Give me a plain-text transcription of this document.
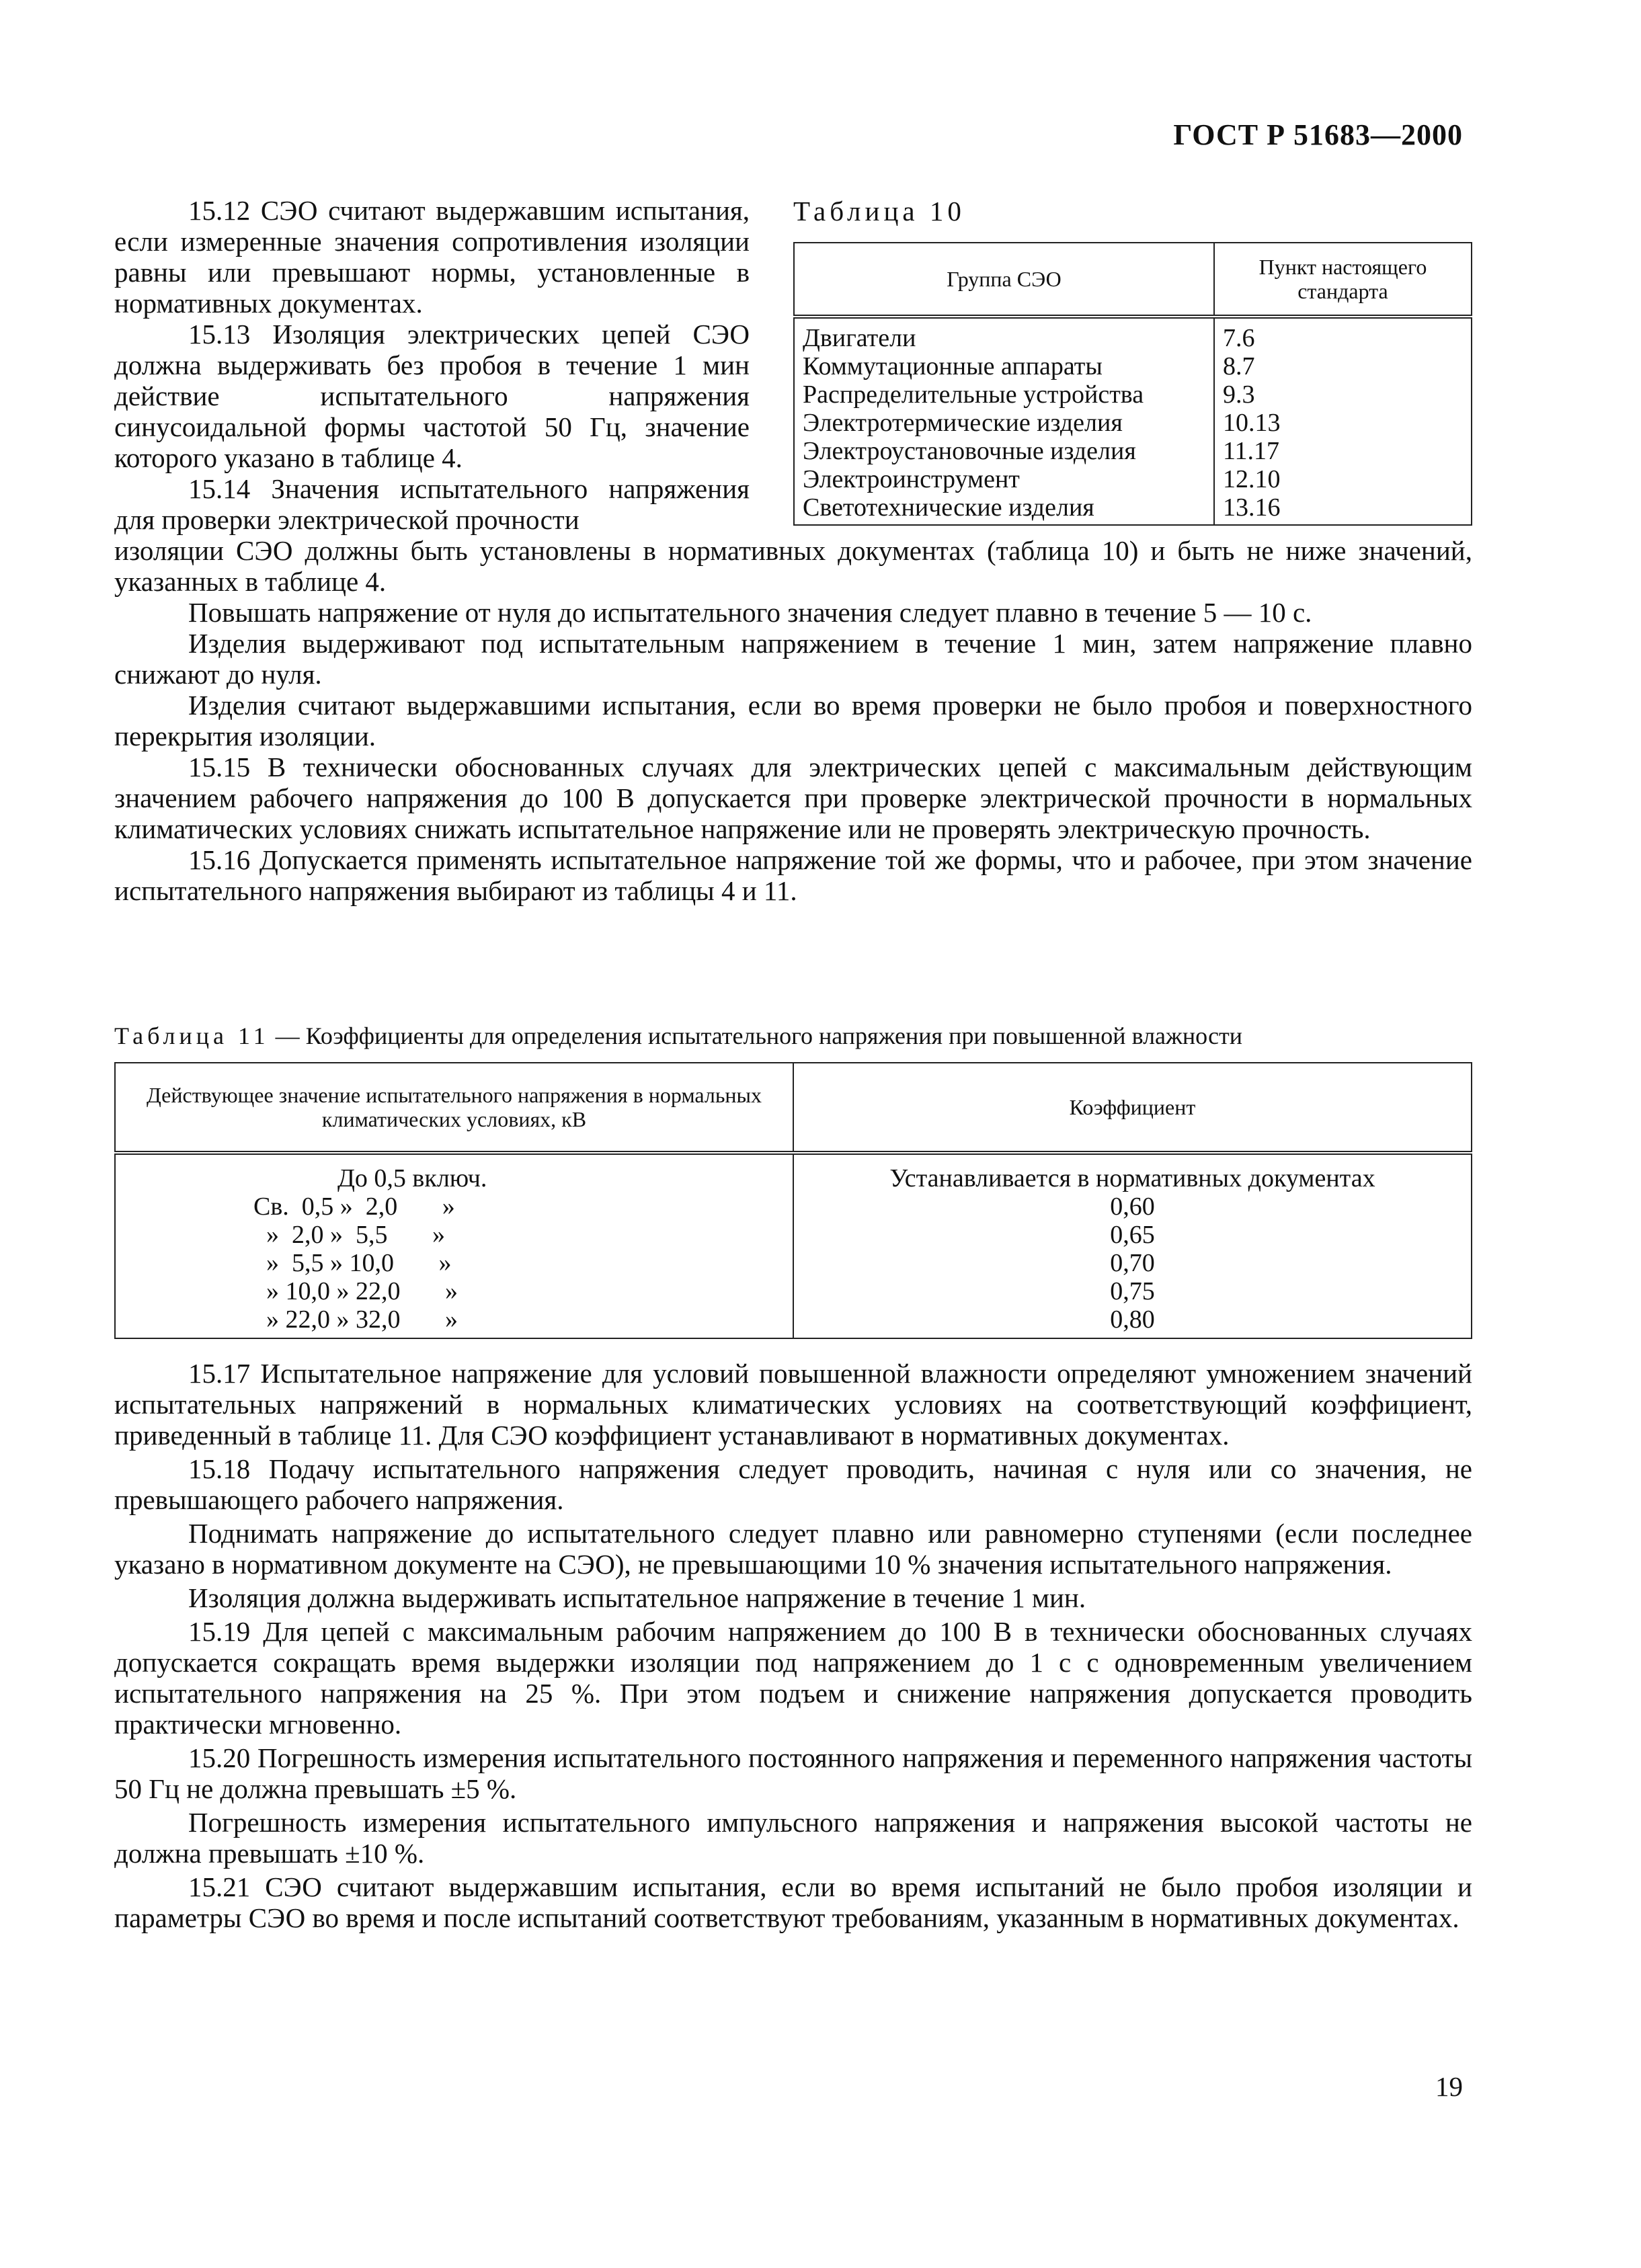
ГОСТ Р 51683—2000

15.12 СЭО считают выдержавшим испытания, если измеренные значения сопротивления изоляции равны или превышают нормы, установленные в нормативных документах.

15.13 Изоляция электрических цепей СЭО должна выдерживать без пробоя в течение 1 мин действие испытательного напряжения синусоидальной формы частотой 50 Гц, значение которого указано в таблице 4.

15.14 Значения испытательного напряжения для проверки электрической прочности

Таблица 10
Группа СЭО	Пункт настоящего стандарта
Двигатели	7.6
Коммутационные аппараты	8.7
Распределительные устройства	9.3
Электротермические изделия	10.13
Электроустановочные изделия	11.17
Электроинструмент	12.10
Светотехнические изделия	13.16

изоляции СЭО должны быть установлены в нормативных документах (таблица 10) и быть не ниже значений, указанных в таблице 4.

Повышать напряжение от нуля до испытательного значения следует плавно в течение 5 — 10 с.

Изделия выдерживают под испытательным напряжением в течение 1 мин, затем напряжение плавно снижают до нуля.

Изделия считают выдержавшими испытания, если во время проверки не было пробоя и поверхностного перекрытия изоляции.

15.15 В технически обоснованных случаях для электрических цепей с максимальным действующим значением рабочего напряжения до 100 В допускается при проверке электрической прочности в нормальных климатических условиях снижать испытательное напряжение или не проверять электрическую прочность.

15.16 Допускается применять испытательное напряжение той же формы, что и рабочее, при этом значение испытательного напряжения выбирают из таблицы 4 и 11.

Таблица 11 — Коэффициенты для определения испытательного напряжения при повышенной влажности
Действующее значение испытательного напряжения в нормальных климатических условиях, кВ	Коэффициент
До 0,5 включ.	Устанавливается в нормативных документах
Св.  0,5 »  2,0       »	0,60
»  2,0 »  5,5       »	0,65
»  5,5 » 10,0       »	0,70
» 10,0 » 22,0       »	0,75
» 22,0 » 32,0       »	0,80

15.17 Испытательное напряжение для условий повышенной влажности определяют умножением значений испытательных напряжений в нормальных климатических условиях на соответствующий коэффициент, приведенный в таблице 11. Для СЭО коэффициент устанавливают в нормативных документах.

15.18 Подачу испытательного напряжения следует проводить, начиная с нуля или со значения, не превышающего рабочего напряжения.

Поднимать напряжение до испытательного следует плавно или равномерно ступенями (если последнее указано в нормативном документе на СЭО), не превышающими 10 % значения испытательного напряжения.

Изоляция должна выдерживать испытательное напряжение в течение 1 мин.

15.19 Для цепей с максимальным рабочим напряжением до 100 В в технически обоснованных случаях допускается сокращать время выдержки изоляции под напряжением до 1 с с одновременным увеличением испытательного напряжения на 25 %. При этом подъем и снижение напряжения допускается проводить практически мгновенно.

15.20 Погрешность измерения испытательного постоянного напряжения и переменного напряжения частоты 50 Гц не должна превышать ±5 %.

Погрешность измерения испытательного импульсного напряжения и напряжения высокой частоты не должна превышать ±10 %.

15.21 СЭО считают выдержавшим испытания, если во время испытаний не было пробоя изоляции и параметры СЭО во время и после испытаний соответствуют требованиям, указанным в нормативных документах.

19
